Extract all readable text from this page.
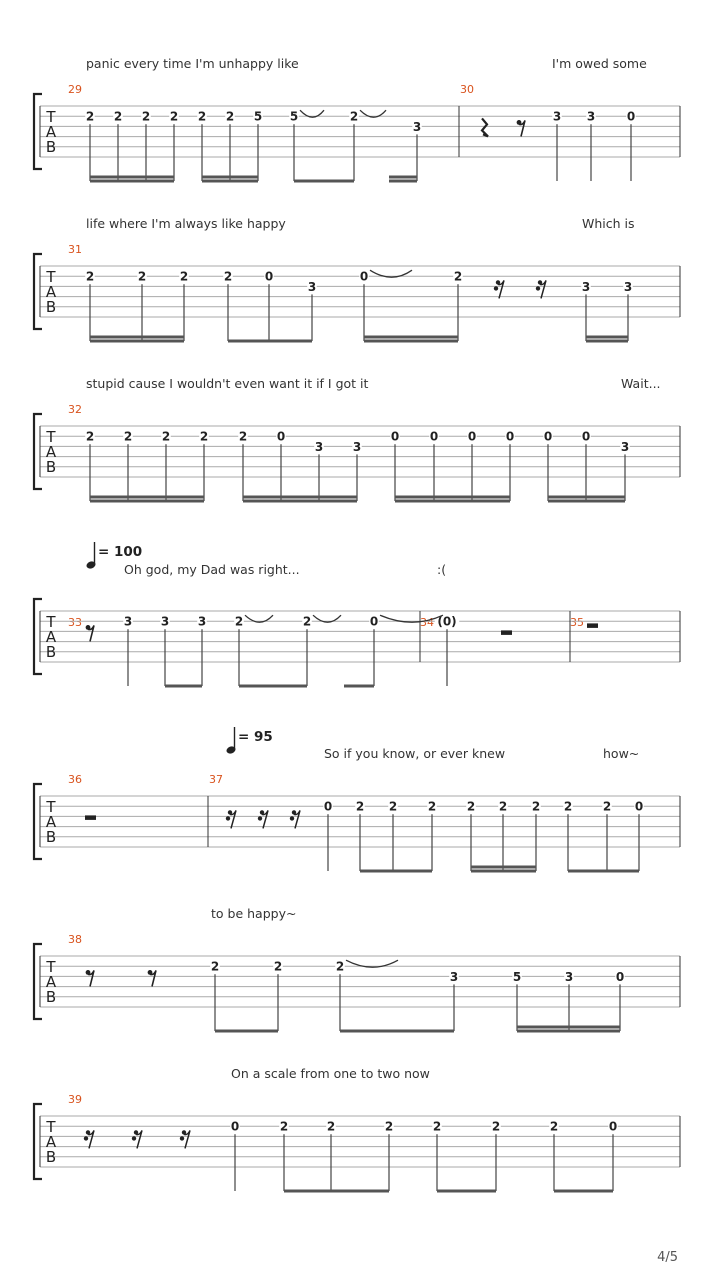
panic every time I'm unhappy like	I'm owed some
29	30
life where I'm always like happy	Which is
31
stupid cause I wouldn't even want it if I got it	Wait...
32
= 100
Oh god, my Dad was right...	:(
33	34	35
= 95
So if you know, or ever knew	how~
36	37
to be happy~
38
On a scale from one to two now
39
T
A
B
2 2 2 2 2 2 5 5	2
3
3 3	0
T
A
B
2	2	2	2	0
3
0	2
3	3
T
A
B
2 2 2 2	2 0
3 3
0	0 0 0 0 0
3
T
A
B
3 3 3 2	2	0	(0)
T
A
B
0 2 2	2	2 2 2 2	2 0
T
A
B
2	2	2
3	5	3	0
T
A
B
0	2	2	2	2	2	2	0
4/5
